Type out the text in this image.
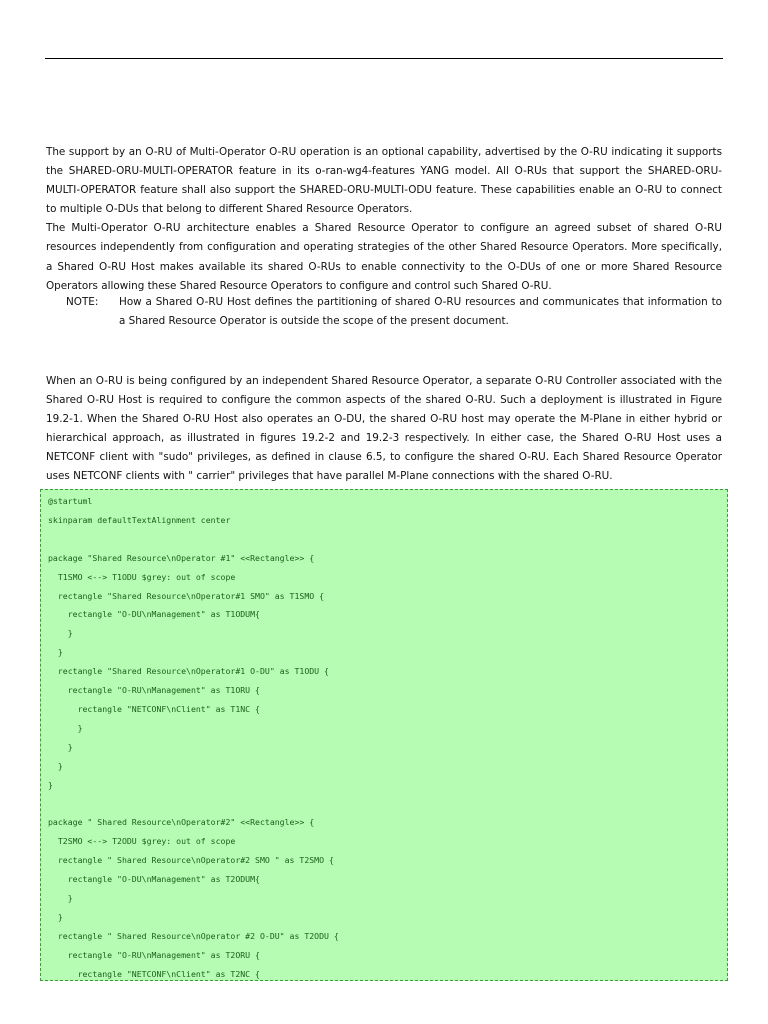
The support by an O-RU of Multi-Operator O-RU operation is an optional capability, advertised by the O-RU indicating it supports the SHARED-ORU-MULTI-OPERATOR feature in its o-ran-wg4-features YANG model. All O-RUs that support the SHARED-ORU-MULTI-OPERATOR feature shall also support the SHARED-ORU-MULTI-ODU feature. These capabilities enable an O-RU to connect to multiple O-DUs that belong to different Shared Resource Operators.

The Multi-Operator O-RU architecture enables a Shared Resource Operator to configure an agreed subset of shared O-RU resources independently from configuration and operating strategies of the other Shared Resource Operators. More specifically, a Shared O-RU Host makes available its shared O-RUs to enable connectivity to the O-DUs of one or more Shared Resource Operators allowing these Shared Resource Operators to configure and control such Shared O-RU.

NOTE:	How a Shared O-RU Host defines the partitioning of shared O-RU resources and communicates that information to a Shared Resource Operator is outside the scope of the present document.
When an O-RU is being configured by an independent Shared Resource Operator, a separate O-RU Controller associated with the Shared O-RU Host is required to configure the common aspects of the shared O-RU. Such a deployment is illustrated in Figure 19.2-1. When the Shared O-RU Host also operates an O-DU, the shared O-RU host may operate the M-Plane in either hybrid or hierarchical approach, as illustrated in figures 19.2-2 and 19.2-3 respectively. In either case, the Shared O-RU Host uses a NETCONF client with "sudo" privileges, as defined in clause 6.5, to configure the shared O-RU. Each Shared Resource Operator uses NETCONF clients with " carrier" privileges that have parallel M-Plane connections with the shared O-RU.
@startuml
skinparam defaultTextAlignment center

package "Shared Resource\nOperator #1" <<Rectangle>> {
T1SMO <--> T1ODU $grey: out of scope
rectangle "Shared Resource\nOperator#1 SMO" as T1SMO {
rectangle "O-DU\nManagement" as T1ODUM{
}
}
rectangle "Shared Resource\nOperator#1 O-DU" as T1ODU {
rectangle "O-RU\nManagement" as T1ORU {
rectangle "NETCONF\nClient" as T1NC {
}
}
}
}

package " Shared Resource\nOperator#2" <<Rectangle>> {
T2SMO <--> T2ODU $grey: out of scope
rectangle " Shared Resource\nOperator#2 SMO " as T2SMO {
rectangle "O-DU\nManagement" as T2ODUM{
}
}
rectangle " Shared Resource\nOperator #2 O-DU" as T2ODU {
rectangle "O-RU\nManagement" as T2ORU {
rectangle "NETCONF\nClient" as T2NC {
